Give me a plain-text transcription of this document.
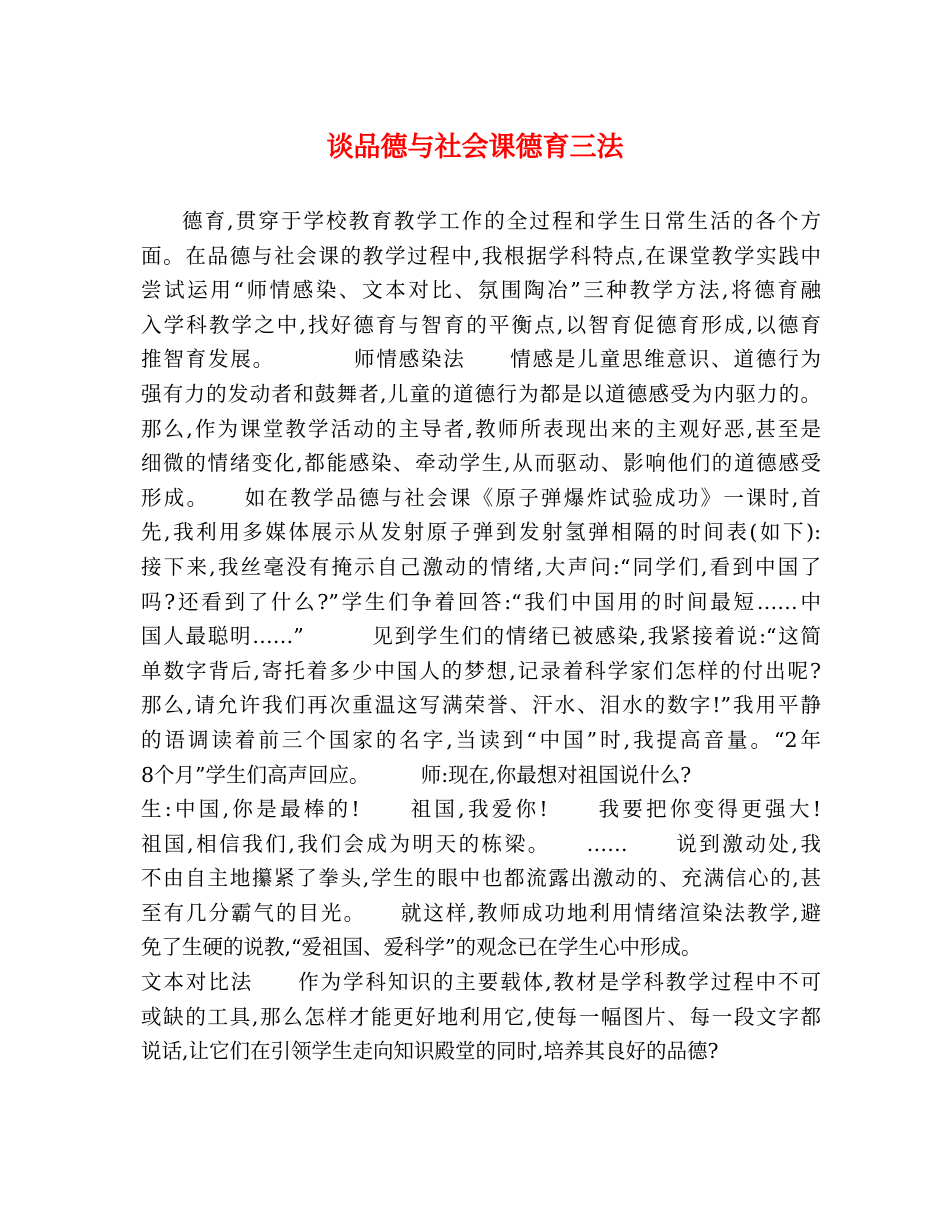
谈品德与社会课德育三法
德育,贯穿于学校教育教学工作的全过程和学生日常生活的各个方
面。在品德与社会课的教学过程中,我根据学科特点,在课堂教学实践中
尝试运用“师情感染、文本对比、氛围陶冶”三种教学方法,将德育融
入学科教学之中,找好德育与智育的平衡点,以智育促德育形成,以德育
推智育发展。　　　　师情感染法　　情感是儿童思维意识、道德行为
强有力的发动者和鼓舞者,儿童的道德行为都是以道德感受为内驱力的。
那么,作为课堂教学活动的主导者,教师所表现出来的主观好恶,甚至是
细微的情绪变化,都能感染、牵动学生,从而驱动、影响他们的道德感受
形成。　　如在教学品德与社会课《原子弹爆炸试验成功》一课时,首
先,我利用多媒体展示从发射原子弹到发射氢弹相隔的时间表(如下):
接下来,我丝毫没有掩示自己激动的情绪,大声问:“同学们,看到中国了
吗?还看到了什么?”学生们争着回答:“我们中国用的时间最短……中
国人最聪明……”　　　见到学生们的情绪已被感染,我紧接着说:“这简
单数字背后,寄托着多少中国人的梦想,记录着科学家们怎样的付出呢?
那么,请允许我们再次重温这写满荣誉、汗水、泪水的数字!”我用平静
的语调读着前三个国家的名字,当读到“中国”时,我提高音量。“2年
8个月”学生们高声回应。　　　师:现在,你最想对祖国说什么?
生:中国,你是最棒的!　　祖国,我爱你!　　我要把你变得更强大!
祖国,相信我们,我们会成为明天的栋梁。　　……　　说到激动处,我
不由自主地攥紧了拳头,学生的眼中也都流露出激动的、充满信心的,甚
至有几分霸气的目光。　　就这样,教师成功地利用情绪渲染法教学,避
免了生硬的说教,“爱祖国、爱科学”的观念已在学生心中形成。
文本对比法　　作为学科知识的主要载体,教材是学科教学过程中不可
或缺的工具,那么怎样才能更好地利用它,使每一幅图片、每一段文字都
说话,让它们在引领学生走向知识殿堂的同时,培养其良好的品德?
